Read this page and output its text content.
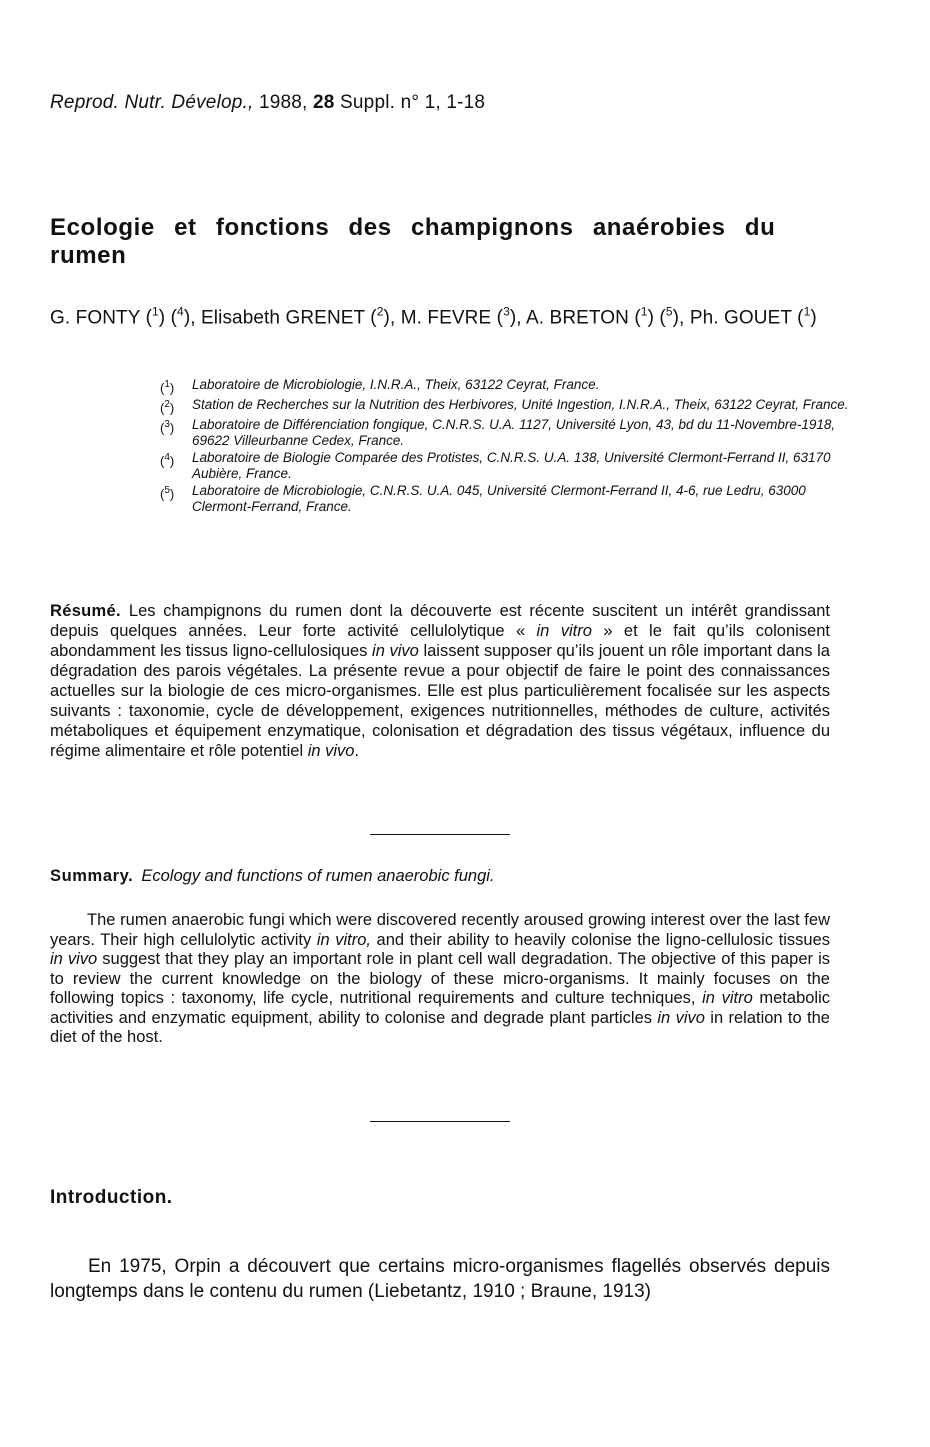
Reprod. Nutr. Dévelop., 1988, 28 Suppl. n° 1, 1-18
Ecologie et fonctions des champignons anaérobies du rumen
G. FONTY ($^1$) ($^4$), Elisabeth GRENET ($^2$), M. FEVRE ($^3$), A. BRETON ($^1$) ($^5$), Ph. GOUET ($^1$)
($^1$)	Laboratoire de Microbiologie, I.N.R.A., Theix, 63122 Ceyrat, France.
($^2$)	Station de Recherches sur la Nutrition des Herbivores, Unité Ingestion, I.N.R.A., Theix, 63122 Ceyrat, France.
($^3$)	Laboratoire de Différenciation fongique, C.N.R.S. U.A. 1127, Université Lyon, 43, bd du 11-Novembre-1918, 69622 Villeurbanne Cedex, France.
($^4$)	Laboratoire de Biologie Comparée des Protistes, C.N.R.S. U.A. 138, Université Clermont-Ferrand II, 63170 Aubière, France.
($^5$)	Laboratoire de Microbiologie, C.N.R.S. U.A. 045, Université Clermont-Ferrand II, 4-6, rue Ledru, 63000 Clermont-Ferrand, France.
Résumé. Les champignons du rumen dont la découverte est récente suscitent un intérêt grandissant depuis quelques années. Leur forte activité cellulolytique « in vitro » et le fait qu’ils colonisent abondamment les tissus ligno-cellulosiques in vivo laissent supposer qu’ils jouent un rôle important dans la dégradation des parois végétales. La présente revue a pour objectif de faire le point des connaissances actuelles sur la biologie de ces micro-organismes. Elle est plus particulièrement focalisée sur les aspects suivants : taxonomie, cycle de développement, exigences nutritionnelles, méthodes de culture, activités métaboliques et équipement enzymatique, colonisation et dégradation des tissus végétaux, influence du régime alimentaire et rôle potentiel in vivo.
Summary. Ecology and functions of rumen anaerobic fungi.
The rumen anaerobic fungi which were discovered recently aroused growing interest over the last few years. Their high cellulolytic activity in vitro, and their ability to heavily colonise the ligno-cellulosic tissues in vivo suggest that they play an important role in plant cell wall degradation. The objective of this paper is to review the current knowledge on the biology of these micro-organisms. It mainly focuses on the following topics : taxonomy, life cycle, nutritional requirements and culture techniques, in vitro metabolic activities and enzymatic equipment, ability to colonise and degrade plant particles in vivo in relation to the diet of the host.
Introduction.
En 1975, Orpin a découvert que certains micro-organismes flagellés observés depuis longtemps dans le contenu du rumen (Liebetantz, 1910 ; Braune, 1913)
